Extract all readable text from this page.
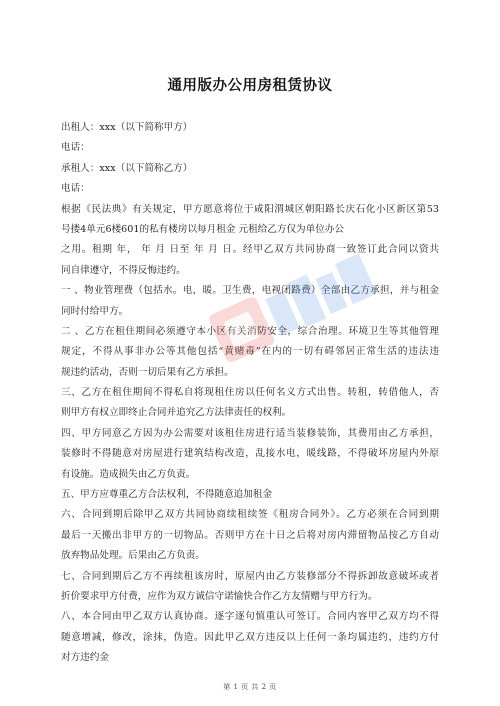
通用版办公用房租赁协议
出租人：xxx（以下简称甲方）
电话：
承租人：xxx（以下简称乙方）
电话：
根据《民法典》有关规定，甲方愿意将位于咸阳渭城区朝阳路长庆石化小区新区第53
号搂4单元6楼601的私有楼房以每月租金 元租给乙方仅为单位办公
之用。租期 年， 年 月 日至 年 月 日。经甲乙双方共同协商一致签订此合同以资共
同自律遵守，不得反悔违约。
一 、物业管理费（包括水。电，暖。卫生费，电视闭路费）全部由乙方承担，并与租金
同时付给甲方。
二 、乙方在租住期间必须遵守本小区有关消防安全，综合治理。环境卫生等其他管理
规定，不得从事非办公等其他包括“黄赌毒”在内的一切有碍邻居正常生活的违法违
规违约活动，否则一切后果有乙方承担。
三、乙方在租住期间不得私自将现租住房以任何名义方式出售。转租，转借他人，否
则甲方有权立即终止合同并追究乙方法律责任的权利。
四、甲方同意乙方因为办公需要对该租住房进行适当装修装饰，其费用由乙方承担，
装修时不得随意对房屋进行建筑结构改造，乱接水电，暖线路，不得破坏房屋内外原
有设施。造成损失由乙方负责。
五、甲方应尊重乙方合法权利，不得随意追加租金
六、合同到期后除甲乙双方共同协商续租续签《租房合同外》。乙方必须在合同到期
最后一天搬出非甲方的一切物品。否则甲方在十日之后将对房内滞留物品按乙方自动
放弃物品处理。后果由乙方负责。
七、合同到期后乙方不再续租该房时，原屋内由乙方装修部分不得拆卸故意破坏或者
折价要求甲方付费，应作为双方诚信守诺愉快合作乙方友情赠与甲方行为。
八、本合同由甲乙双方认真协商。逐字逐句慎重认可签订。合同内容甲乙双方均不得
随意增减，修改，涂抹，伪造。因此甲乙双方违反以上任何一条均属违约，违约方付
对方违约金
第 1 页 共 2 页
